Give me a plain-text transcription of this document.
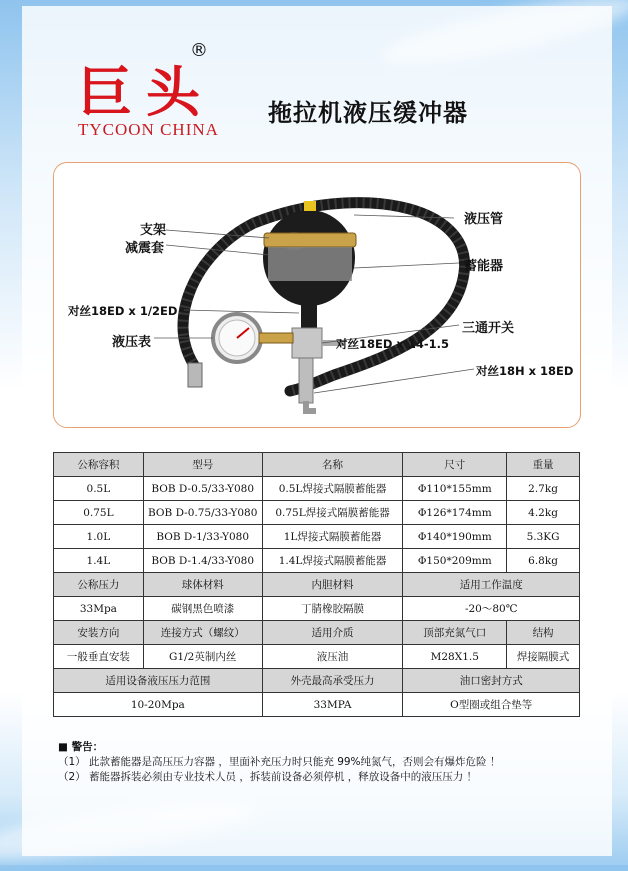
巨头
TYCOON CHINA
®
拖拉机液压缓冲器
支架
减震套
对丝18ED x 1/2ED
液压表
液压管
蓄能器
三通开关
对丝18ED x 14-1.5
对丝18H x 18ED
公称容积	型号	名称	尺寸	重量
0.5L	BOB D-0.5/33-Y080	0.5L焊接式隔膜蓄能器	Φ110*155mm	2.7kg
0.75L	BOB D-0.75/33-Y080	0.75L焊接式隔膜蓄能器	Φ126*174mm	4.2kg
1.0L	BOB D-1/33-Y080	1L焊接式隔膜蓄能器	Φ140*190mm	5.3KG
1.4L	BOB D-1.4/33-Y080	1.4L焊接式隔膜蓄能器	Φ150*209mm	6.8kg
公称压力	球体材料	内胆材料	适用工作温度	
33Mpa	碳钢黑色喷漆	丁腈橡胶隔膜	-20～80℃	
安装方向	连接方式（螺纹）	适用介质	顶部充氮气口	结构
一般垂直安装	G1/2英制内丝	液压油	M28X1.5	焊接隔膜式
适用设备液压压力范围		外壳最高承受压力	油口密封方式	
10-20Mpa		33MPA	O型圈或组合垫等	
■ 警告：
（1） 此款蓄能器是高压压力容器 ，里面补充压力时只能充 99%纯氮气，否则会有爆炸危险 ！
（2） 蓄能器拆装必须由专业技术人员 ，拆装前设备必须停机 ，释放设备中的液压压力 ！
